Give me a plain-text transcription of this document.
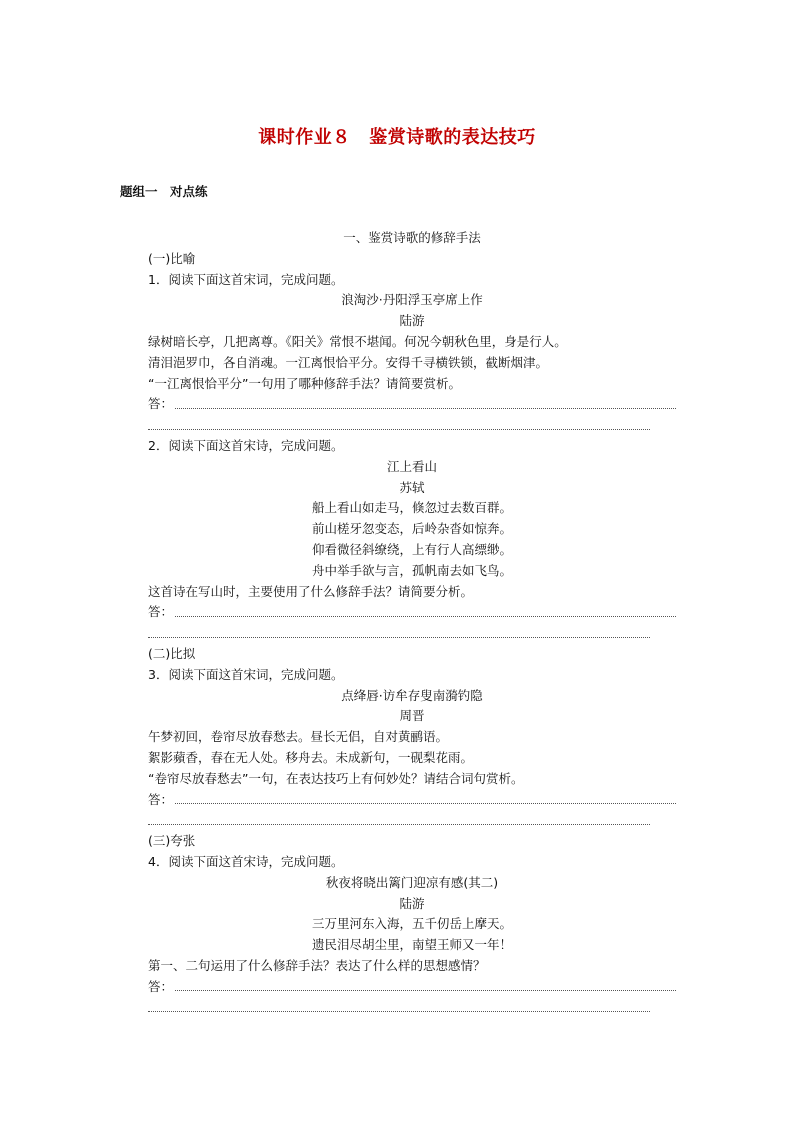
课时作业８　鉴赏诗歌的表达技巧
题组一　对点练
一、鉴赏诗歌的修辞手法
(一)比喻
1．阅读下面这首宋词，完成问题。
浪淘沙·丹阳浮玉亭席上作
陆游
绿树暗长亭，几把离尊。《阳关》常恨不堪闻。何况今朝秋色里，身是行人。
清泪浥罗巾，各自消魂。一江离恨恰平分。安得千寻横铁锁，截断烟津。
“一江离恨恰平分”一句用了哪种修辞手法？请简要赏析。
答：
2．阅读下面这首宋诗，完成问题。
江上看山
苏轼
船上看山如走马，倏忽过去数百群。
前山槎牙忽变态，后岭杂沓如惊奔。
仰看微径斜缭绕，上有行人高缥缈。
舟中举手欲与言，孤帆南去如飞鸟。
这首诗在写山时，主要使用了什么修辞手法？请简要分析。
答：
(二)比拟
3．阅读下面这首宋词，完成问题。
点绛唇·访牟存叟南漪钓隐
周晋
午梦初回，卷帘尽放春愁去。昼长无侣，自对黄鹂语。
絮影蘋香，春在无人处。移舟去。未成新句，一砚梨花雨。
“卷帘尽放春愁去”一句，在表达技巧上有何妙处？请结合词句赏析。
答：
(三)夸张
4．阅读下面这首宋诗，完成问题。
秋夜将晓出篱门迎凉有感(其二)
陆游
三万里河东入海，五千仞岳上摩天。
遗民泪尽胡尘里，南望王师又一年！
第一、二句运用了什么修辞手法？表达了什么样的思想感情？
答：
